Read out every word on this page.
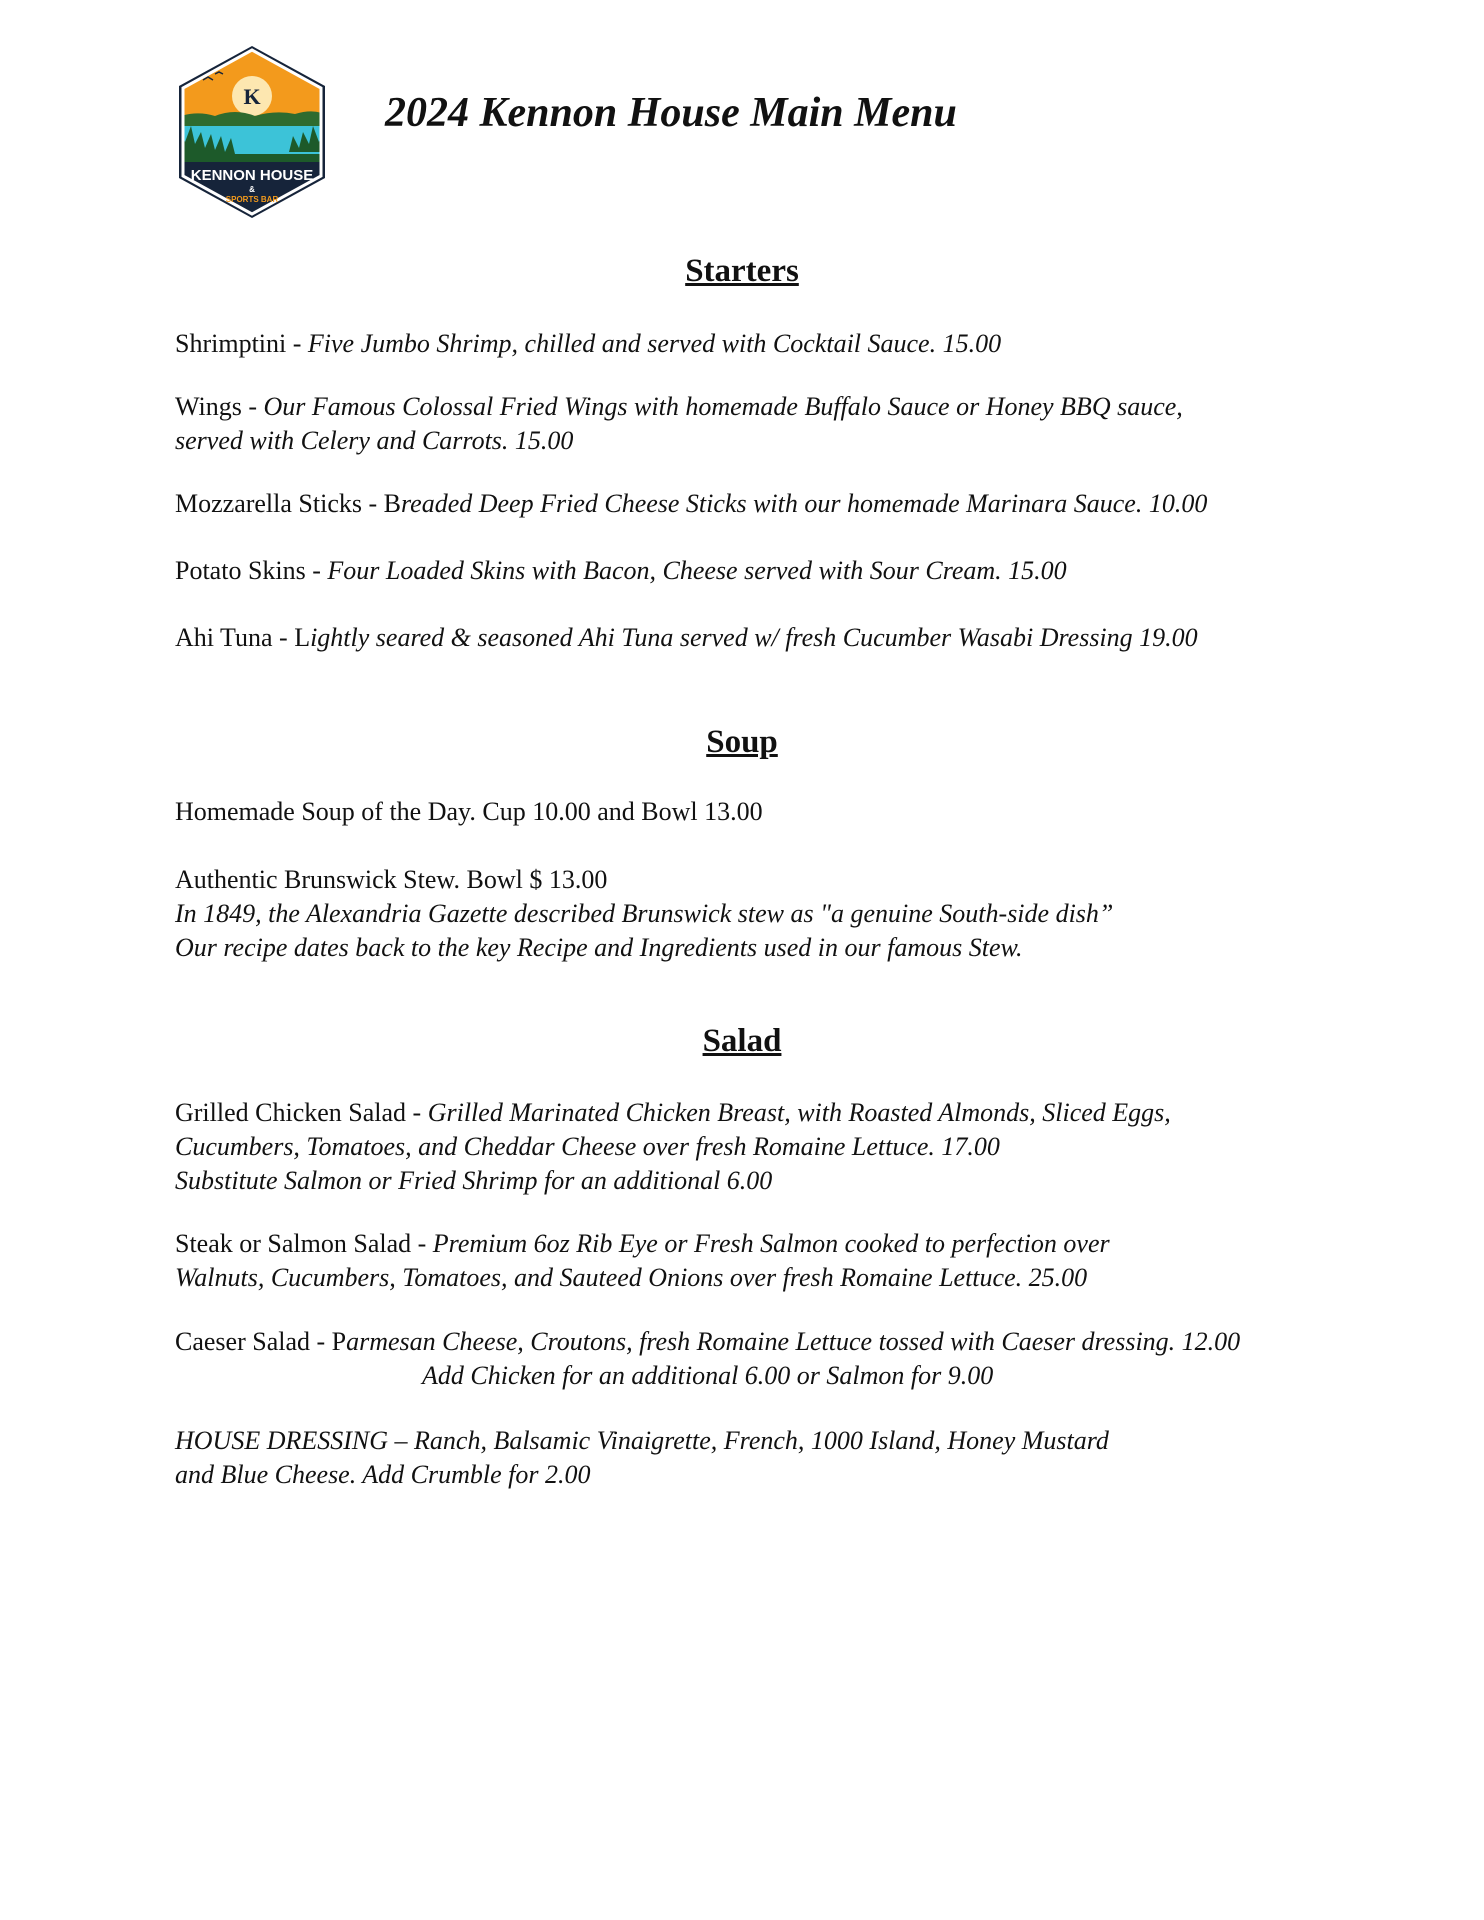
K
KENNON HOUSE
&
SPORTS BAR
2024 Kennon House Main Menu
Starters

Shrimptini - Five Jumbo Shrimp, chilled and served with Cocktail Sauce. 15.00

Wings - Our Famous Colossal Fried Wings with homemade Buffalo Sauce or Honey BBQ sauce,
served with Celery and Carrots. 15.00

Mozzarella Sticks - Breaded Deep Fried Cheese Sticks with our homemade Marinara Sauce. 10.00

Potato Skins - Four Loaded Skins with Bacon, Cheese served with Sour Cream. 15.00

Ahi Tuna - Lightly seared & seasoned Ahi Tuna served w/ fresh Cucumber Wasabi Dressing 19.00

Soup

Homemade Soup of the Day. Cup 10.00 and Bowl 13.00

Authentic Brunswick Stew. Bowl $ 13.00
In 1849, the Alexandria Gazette described Brunswick stew as "a genuine South-side dish”
Our recipe dates back to the key Recipe and Ingredients used in our famous Stew.

Salad

Grilled Chicken Salad - Grilled Marinated Chicken Breast, with Roasted Almonds, Sliced Eggs,
Cucumbers, Tomatoes, and Cheddar Cheese over fresh Romaine Lettuce. 17.00
Substitute Salmon or Fried Shrimp for an additional 6.00

Steak or Salmon Salad - Premium 6oz Rib Eye or Fresh Salmon cooked to perfection over
Walnuts, Cucumbers, Tomatoes, and Sauteed Onions over fresh Romaine Lettuce. 25.00

Caeser Salad - Parmesan Cheese, Croutons, fresh Romaine Lettuce tossed with Caeser dressing. 12.00
Add Chicken for an additional 6.00 or Salmon for 9.00

HOUSE DRESSING – Ranch, Balsamic Vinaigrette, French, 1000 Island, Honey Mustard
and Blue Cheese. Add Crumble for 2.00
